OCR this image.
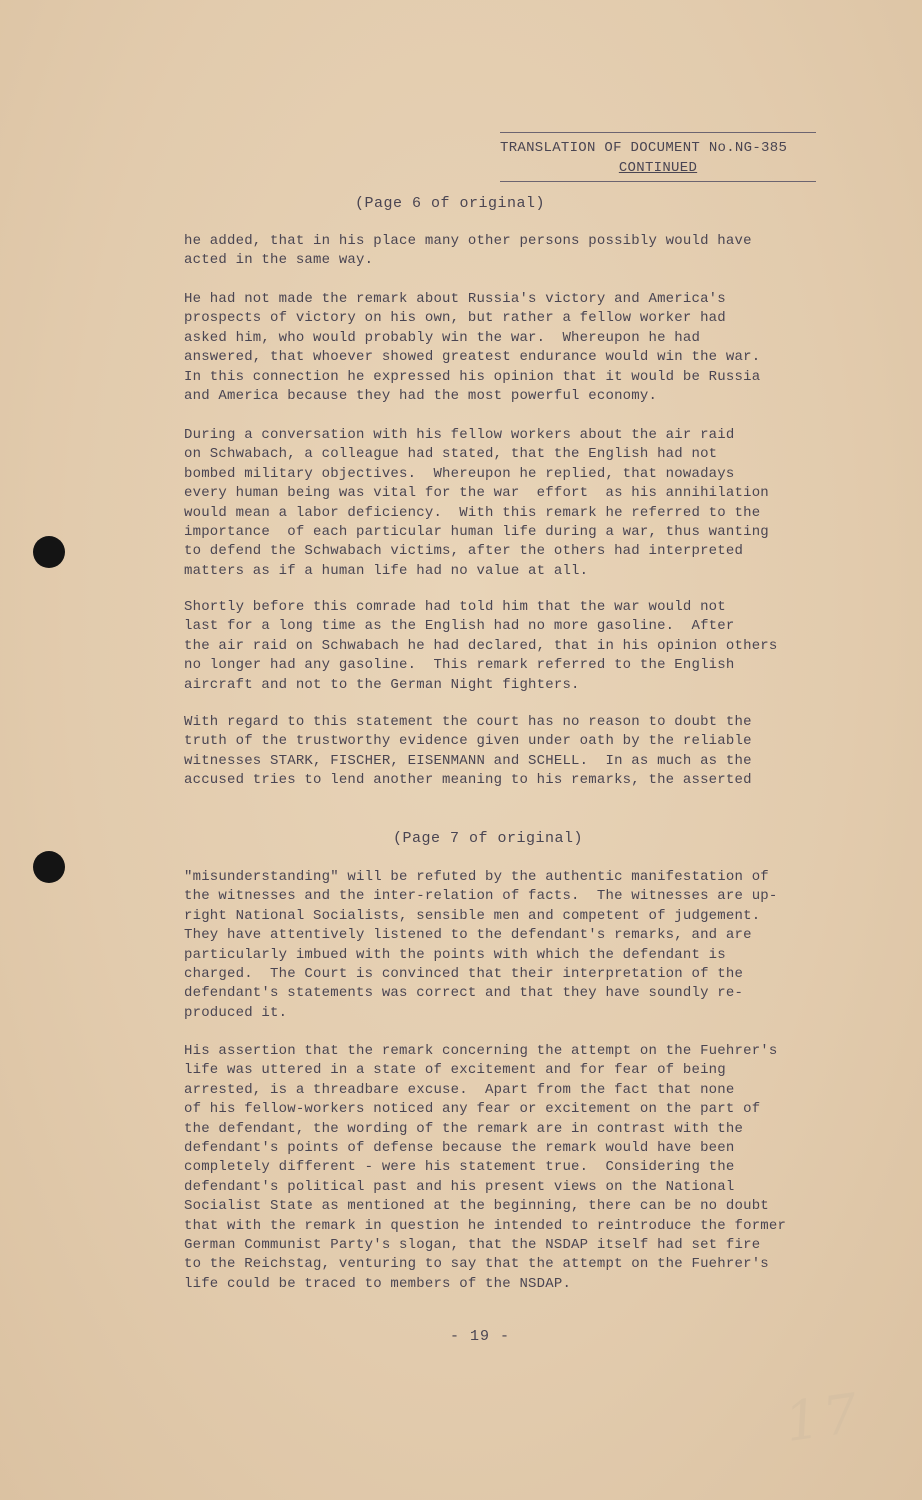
TRANSLATION OF DOCUMENT No.NG-385
CONTINUED
(Page 6 of original)
he added, that in his place many other persons possibly would have
acted in the same way.
He had not made the remark about Russia's victory and America's
prospects of victory on his own, but rather a fellow worker had
asked him, who would probably win the war.  Whereupon he had
answered, that whoever showed greatest endurance would win the war.
In this connection he expressed his opinion that it would be Russia
and America because they had the most powerful economy.
During a conversation with his fellow workers about the air raid
on Schwabach, a colleague had stated, that the English had not
bombed military objectives.  Whereupon he replied, that nowadays
every human being was vital for the war  effort  as his annihilation
would mean a labor deficiency.  With this remark he referred to the
importance  of each particular human life during a war, thus wanting
to defend the Schwabach victims, after the others had interpreted
matters as if a human life had no value at all.
Shortly before this comrade had told him that the war would not
last for a long time as the English had no more gasoline.  After
the air raid on Schwabach he had declared, that in his opinion others
no longer had any gasoline.  This remark referred to the English
aircraft and not to the German Night fighters.
With regard to this statement the court has no reason to doubt the
truth of the trustworthy evidence given under oath by the reliable
witnesses STARK, FISCHER, EISENMANN and SCHELL.  In as much as the
accused tries to lend another meaning to his remarks, the asserted
(Page 7 of original)
"misunderstanding" will be refuted by the authentic manifestation of
the witnesses and the inter-relation of facts.  The witnesses are up-
right National Socialists, sensible men and competent of judgement.
They have attentively listened to the defendant's remarks, and are
particularly imbued with the points with which the defendant is
charged.  The Court is convinced that their interpretation of the
defendant's statements was correct and that they have soundly re-
produced it.
His assertion that the remark concerning the attempt on the Fuehrer's
life was uttered in a state of excitement and for fear of being
arrested, is a threadbare excuse.  Apart from the fact that none
of his fellow-workers noticed any fear or excitement on the part of
the defendant, the wording of the remark are in contrast with the
defendant's points of defense because the remark would have been
completely different - were his statement true.  Considering the
defendant's political past and his present views on the National
Socialist State as mentioned at the beginning, there can be no doubt
that with the remark in question he intended to reintroduce the former
German Communist Party's slogan, that the NSDAP itself had set fire
to the Reichstag, venturing to say that the attempt on the Fuehrer's
life could be traced to members of the NSDAP.
- 19 -
17
